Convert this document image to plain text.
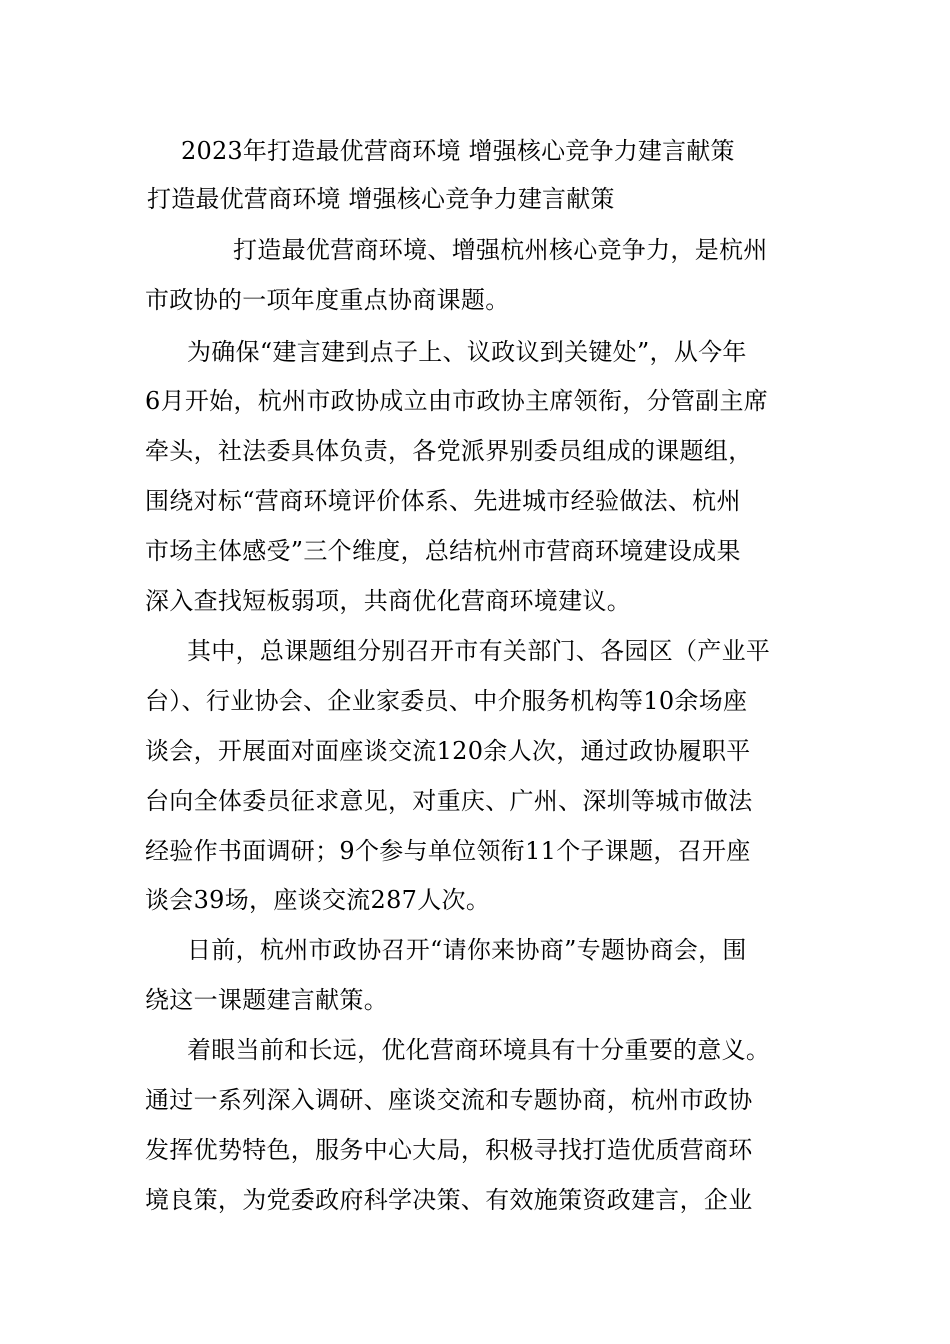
2023年打造最优营商环境 增强核心竞争力建言献策
打造最优营商环境 增强核心竞争力建言献策
打造最优营商环境、增强杭州核心竞争力，是杭州
市政协的一项年度重点协商课题。
为确保“建言建到点子上、议政议到关键处”，从今年
6月开始，杭州市政协成立由市政协主席领衔，分管副主席
牵头，社法委具体负责，各党派界别委员组成的课题组，
围绕对标“营商环境评价体系、先进城市经验做法、杭州
市场主体感受”三个维度，总结杭州市营商环境建设成果
深入查找短板弱项，共商优化营商环境建议。
其中，总课题组分别召开市有关部门、各园区（产业平
台）、行业协会、企业家委员、中介服务机构等10余场座
谈会，开展面对面座谈交流120余人次，通过政协履职平
台向全体委员征求意见，对重庆、广州、深圳等城市做法
经验作书面调研；9个参与单位领衔11个子课题，召开座
谈会39场，座谈交流287人次。
日前，杭州市政协召开“请你来协商”专题协商会，围
绕这一课题建言献策。
着眼当前和长远，优化营商环境具有十分重要的意义。
通过一系列深入调研、座谈交流和专题协商，杭州市政协
发挥优势特色，服务中心大局，积极寻找打造优质营商环
境良策，为党委政府科学决策、有效施策资政建言，企业
